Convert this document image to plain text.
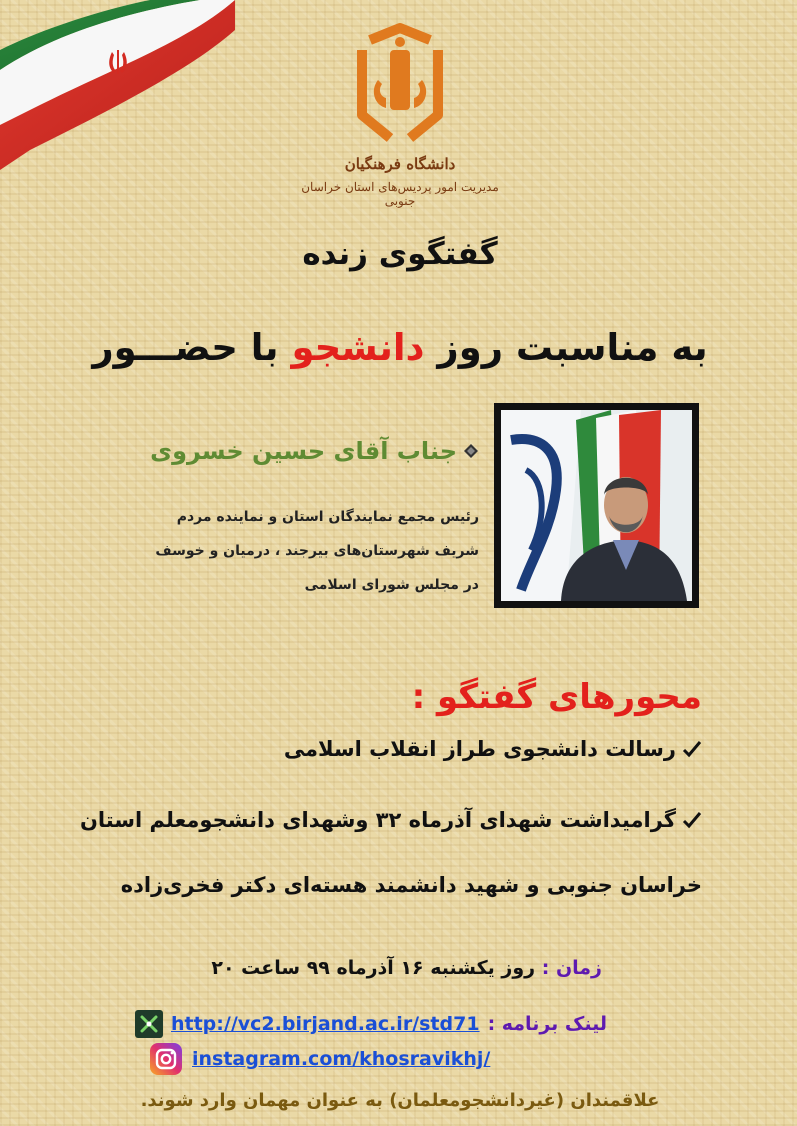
دانشگاه فرهنگیان
مدیریت امور پردیس‌های استان خراسان جنوبی
گفتگوی زنده
به مناسبت روز دانشجو با حضـــور
جناب آقای حسین خسروی
رئیس مجمع نمایندگان استان و نماینده مردم
شریف شهرستان‌های بیرجند ، درمیان و خوسف
در مجلس شورای اسلامی
محورهای گفتگو :
رسالت دانشجوی طراز انقلاب اسلامی
گرامیداشت شهدای آذرماه ۳۲ وشهدای دانشجومعلم استان
خراسان جنوبی و شهید دانشمند هسته‌ای دکتر فخری‌زاده
زمان : روز یکشنبه ۱۶ آذرماه ۹۹ ساعت ۲۰
لینک برنامه :
http://vc2.birjand.ac.ir/std71
instagram.com/khosravikhj/
علاقمندان (غیردانشجومعلمان) به عنوان مهمان وارد شوند.
